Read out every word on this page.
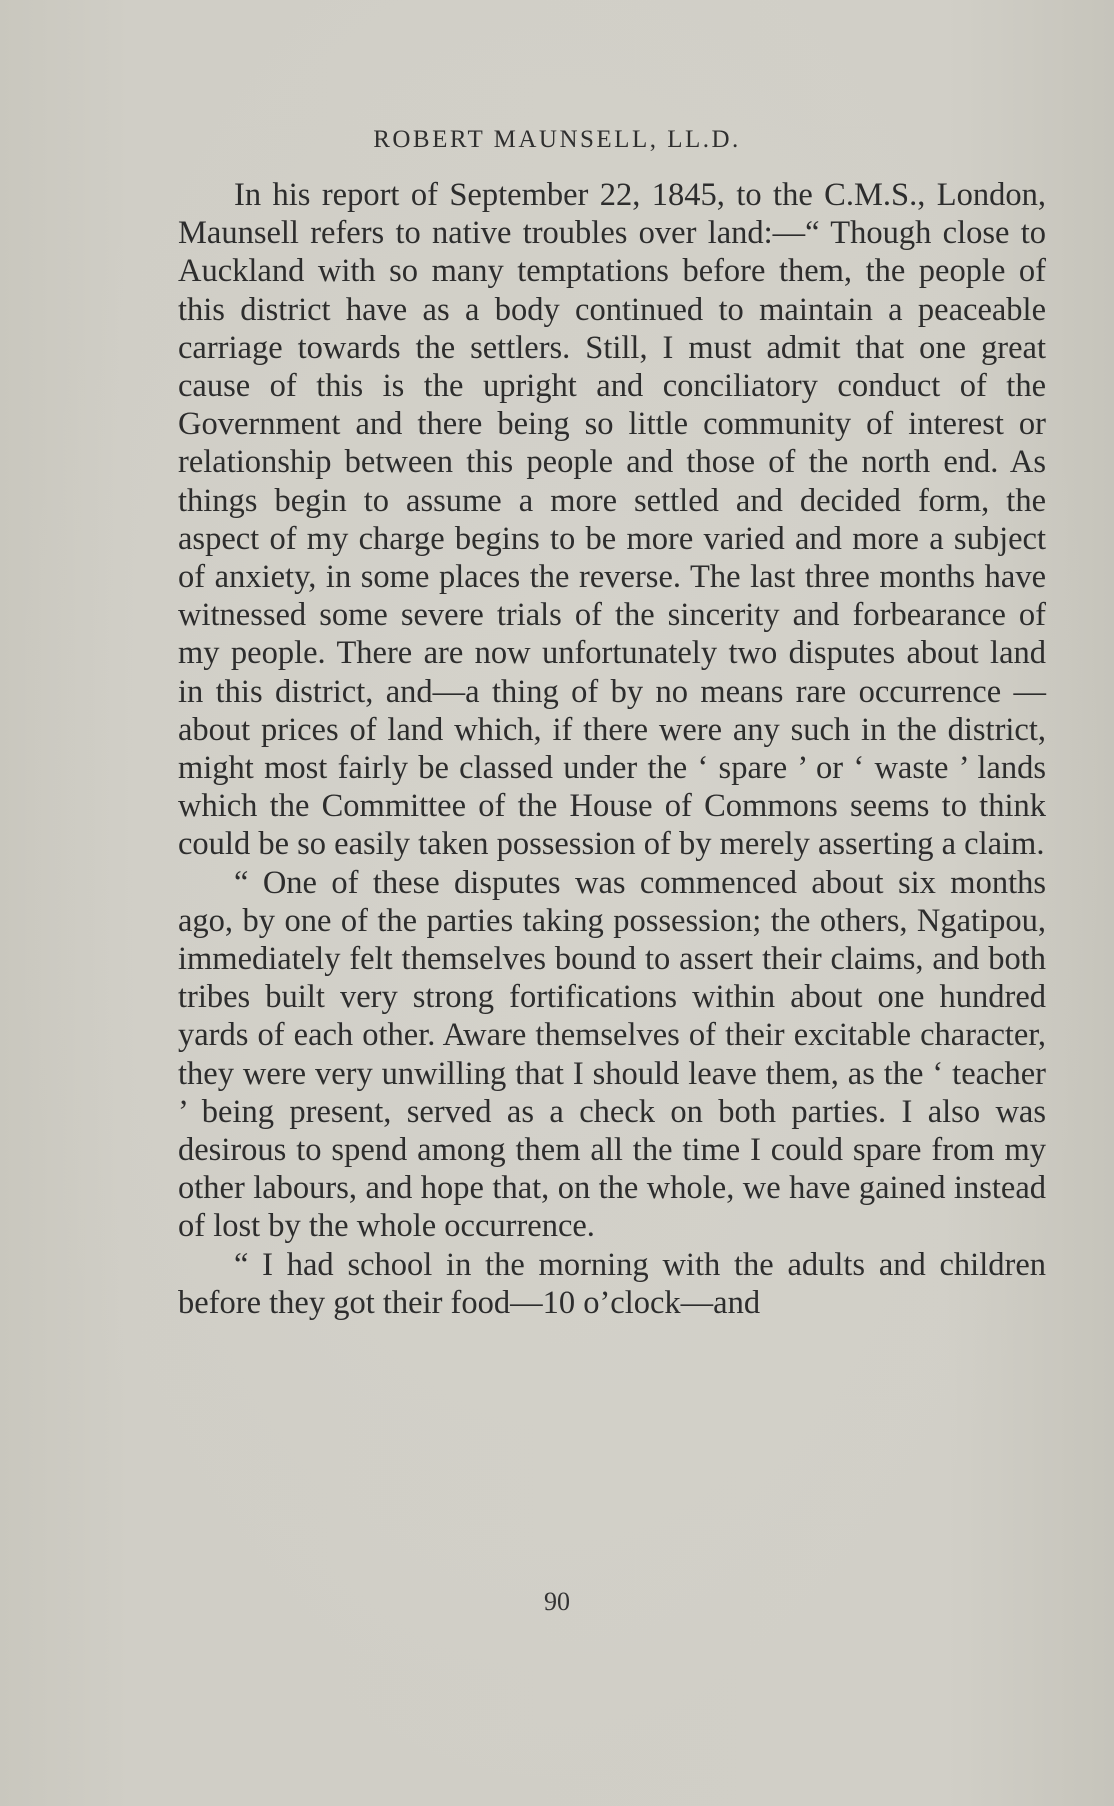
ROBERT MAUNSELL, LL.D.

In his report of September 22, 1845, to the C.M.S., London, Maunsell refers to native troubles over land:—“ Though close to Auckland with so many temptations before them, the people of this district have as a body continued to maintain a peaceable carriage towards the settlers. Still, I must admit that one great cause of this is the upright and conciliatory conduct of the Government and there being so little community of interest or relationship between this people and those of the north end. As things begin to assume a more settled and decided form, the aspect of my charge begins to be more varied and more a subject of anxiety, in some places the reverse. The last three months have witnessed some severe trials of the sincerity and forbearance of my people. There are now unfortunately two disputes about land in this district, and—a thing of by no means rare occurrence —about prices of land which, if there were any such in the district, might most fairly be classed under the ‘ spare ’ or ‘ waste ’ lands which the Committee of the House of Commons seems to think could be so easily taken possession of by merely asserting a claim.

“ One of these disputes was commenced about six months ago, by one of the parties taking possession; the others, Ngatipou, immediately felt themselves bound to assert their claims, and both tribes built very strong fortifications within about one hundred yards of each other. Aware themselves of their excitable character, they were very unwilling that I should leave them, as the ‘ teacher ’ being present, served as a check on both parties. I also was desirous to spend among them all the time I could spare from my other labours, and hope that, on the whole, we have gained instead of lost by the whole occurrence.

“ I had school in the morning with the adults and children before they got their food—10 o’clock—and

90
